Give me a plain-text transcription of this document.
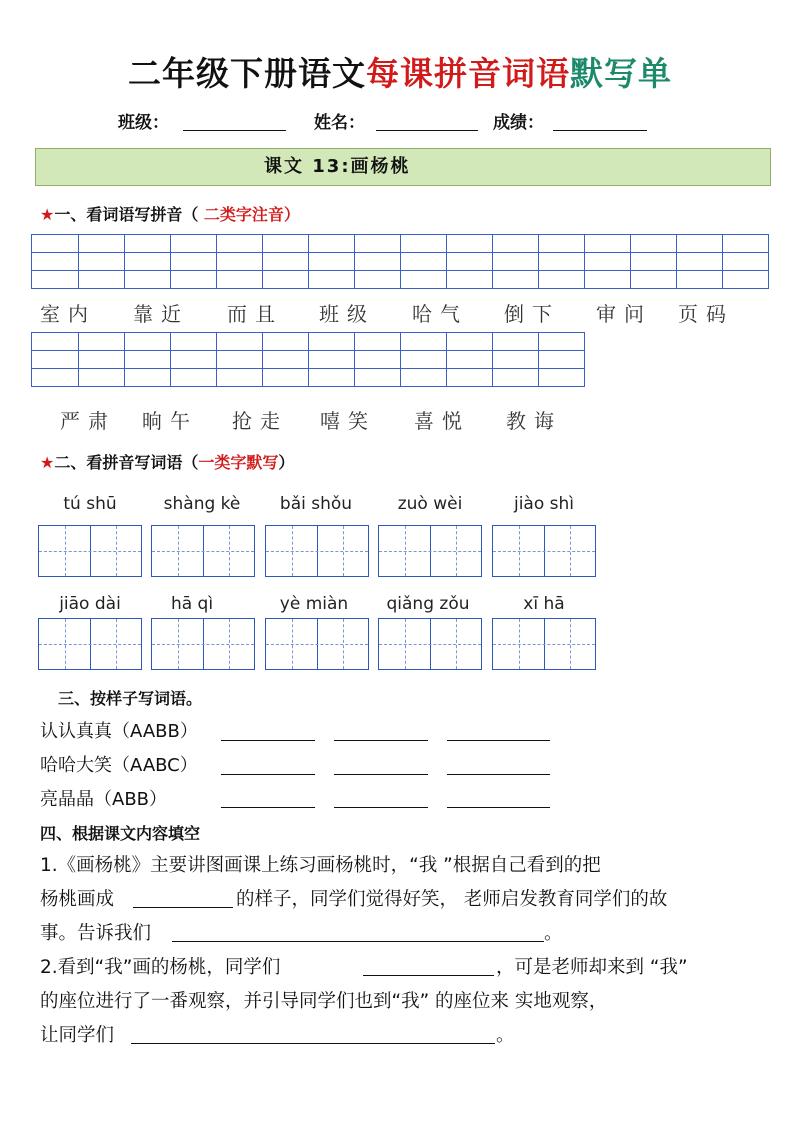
二年级下册语文每课拼音词语默写单
班级：	姓名：	成绩：
课文 13:画杨桃
★一、看词语写拼音（ 二类字注音）
室内 靠近 而且 班级 哈气 倒下 审问 页码
严肃 晌午 抢走 嘻笑 喜悦 教诲
★二、看拼音写词语（一类字默写）
tú shū	shàng kè	bǎi shǒu	zuò wèi	jiào shì
jiāo dài	hā qì	yè miàn	qiǎng zǒu	xī hā
三、按样子写词语。
认认真真（AABB）
哈哈大笑（AABC）
亮晶晶（ABB）
四、根据课文内容填空
1.《画杨桃》主要讲图画课上练习画杨桃时，“我 ”根据自己看到的把
杨桃画成	的样子，同学们觉得好笑， 老师启发教育同学们的故
事。告诉我们	。
2.看到“我”画的杨桃，同学们	，可是老师却来到 “我”
的座位进行了一番观察，并引导同学们也到“我” 的座位来 实地观察，
让同学们	。
